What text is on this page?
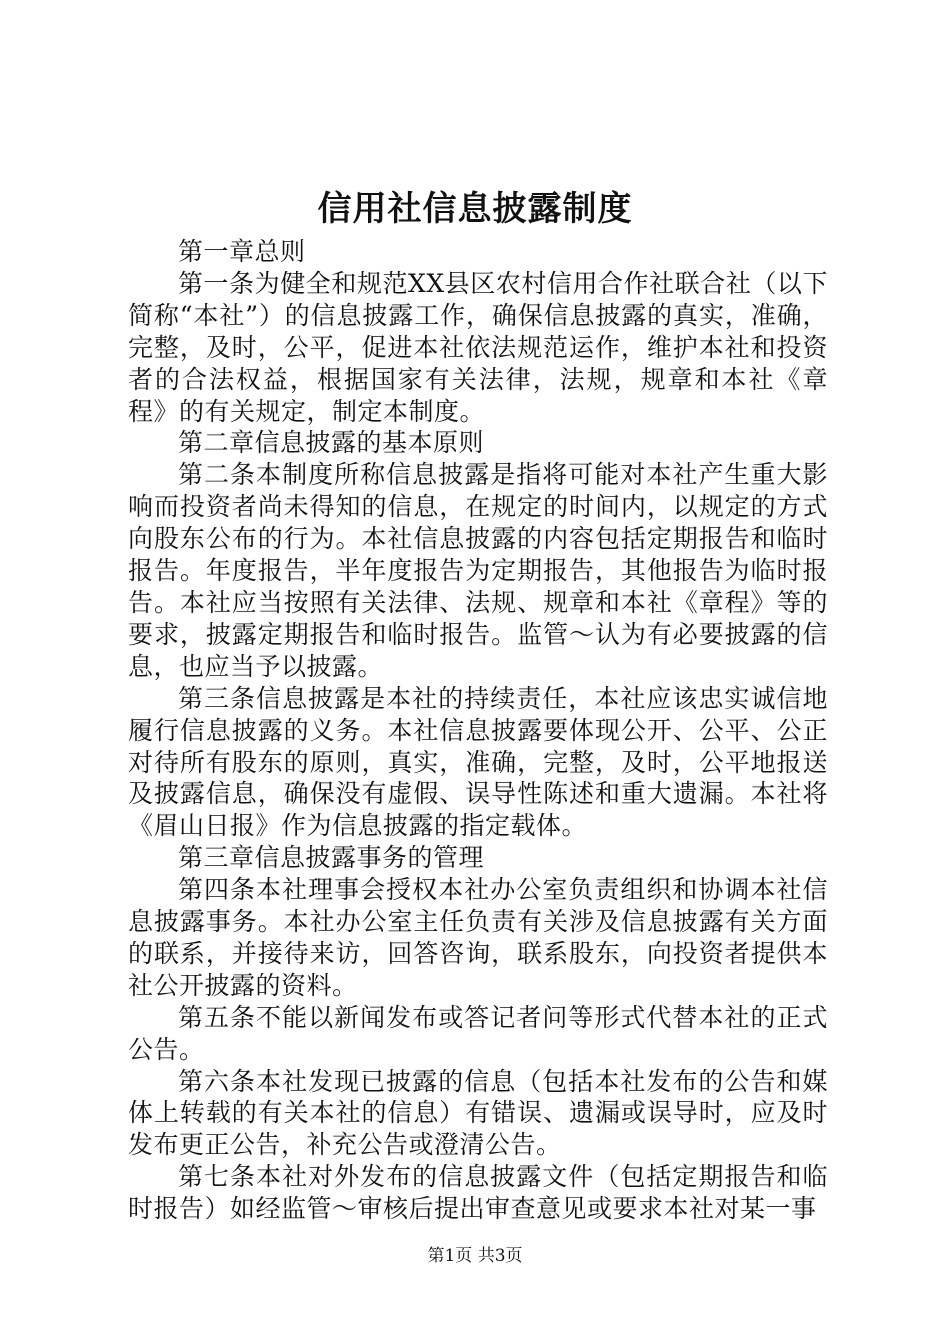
信用社信息披露制度

第一章总则

第一条为健全和规范XX县区农村信用合作社联合社（以下简称“本社”）的信息披露工作，确保信息披露的真实，准确，完整，及时，公平，促进本社依法规范运作，维护本社和投资者的合法权益，根据国家有关法律，法规，规章和本社《章程》的有关规定，制定本制度。

第二章信息披露的基本原则

第二条本制度所称信息披露是指将可能对本社产生重大影响而投资者尚未得知的信息，在规定的时间内，以规定的方式向股东公布的行为。本社信息披露的内容包括定期报告和临时报告。年度报告，半年度报告为定期报告，其他报告为临时报告。本社应当按照有关法律、法规、规章和本社《章程》等的要求，披露定期报告和临时报告。监管～认为有必要披露的信息，也应当予以披露。

第三条信息披露是本社的持续责任，本社应该忠实诚信地履行信息披露的义务。本社信息披露要体现公开、公平、公正对待所有股东的原则，真实，准确，完整，及时，公平地报送及披露信息，确保没有虚假、误导性陈述和重大遗漏。本社将《眉山日报》作为信息披露的指定载体。

第三章信息披露事务的管理

第四条本社理事会授权本社办公室负责组织和协调本社信息披露事务。本社办公室主任负责有关涉及信息披露有关方面的联系，并接待来访，回答咨询，联系股东，向投资者提供本社公开披露的资料。

第五条不能以新闻发布或答记者问等形式代替本社的正式公告。

第六条本社发现已披露的信息（包括本社发布的公告和媒体上转载的有关本社的信息）有错误、遗漏或误导时，应及时发布更正公告，补充公告或澄清公告。

第七条本社对外发布的信息披露文件（包括定期报告和临时报告）如经监管～审核后提出审查意见或要求本社对某一事

第1页 共3页
